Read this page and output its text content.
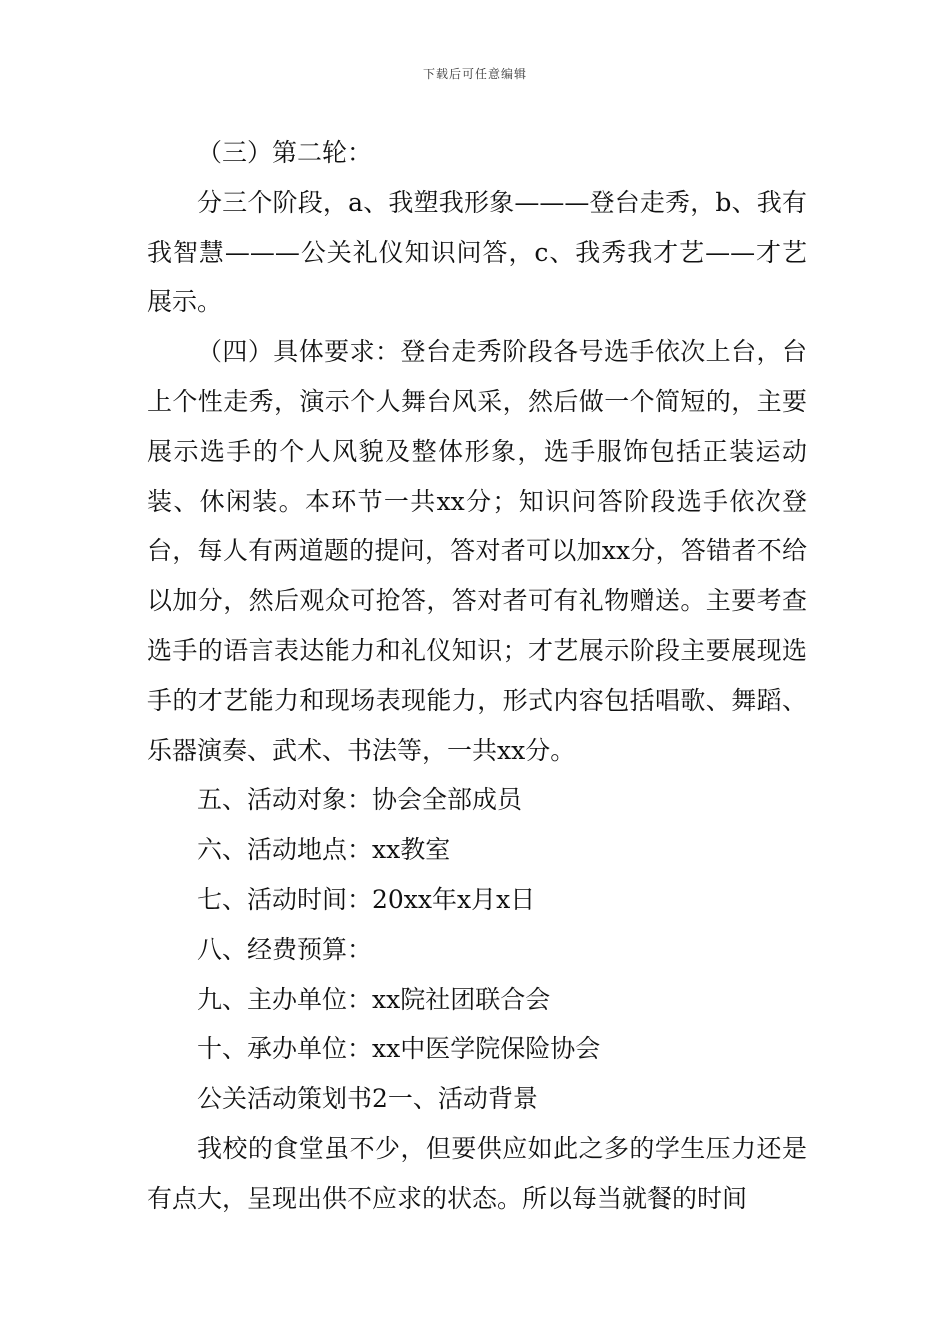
下载后可任意编辑

（三）第二轮：

分三个阶段，a、我塑我形象———登台走秀，b、我有我智慧———公关礼仪知识问答，c、我秀我才艺——才艺展示。

（四）具体要求：登台走秀阶段各号选手依次上台，台上个性走秀，演示个人舞台风采，然后做一个简短的，主要展示选手的个人风貌及整体形象，选手服饰包括正装运动装、休闲装。本环节一共xx分；知识问答阶段选手依次登台，每人有两道题的提问，答对者可以加xx分，答错者不给以加分，然后观众可抢答，答对者可有礼物赠送。主要考查选手的语言表达能力和礼仪知识；才艺展示阶段主要展现选手的才艺能力和现场表现能力，形式内容包括唱歌、舞蹈、乐器演奏、武术、书法等，一共xx分。

五、活动对象：协会全部成员

六、活动地点：xx教室

七、活动时间：20xx年x月x日

八、经费预算：

九、主办单位：xx院社团联合会

十、承办单位：xx中医学院保险协会

公关活动策划书2一、活动背景

我校的食堂虽不少，但要供应如此之多的学生压力还是有点大，呈现出供不应求的状态。所以每当就餐的时间
